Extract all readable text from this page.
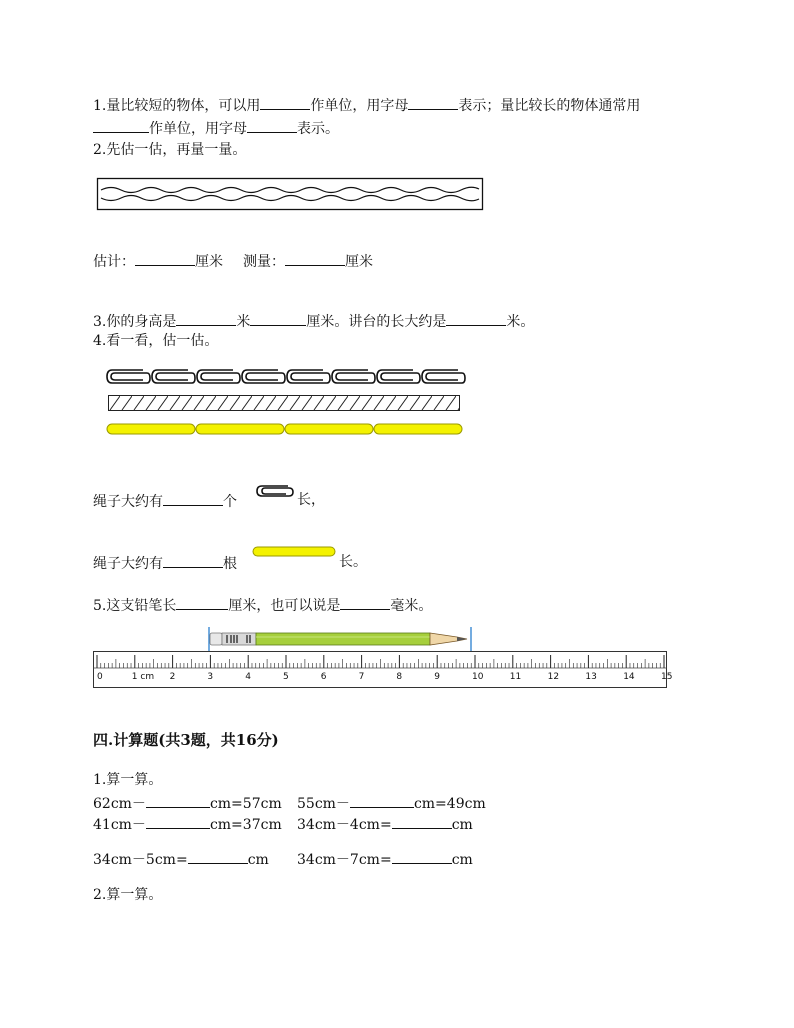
1.量比较短的物体，可以用	作单位，用字母	表示；量比较长的物体通常用
作单位，用字母	表示。
2.先估一估，再量一量。
估计：	厘米 测量：	厘米
3.你的身高是	米	厘米。讲台的长大约是	米。
4.看一看，估一估。
绳子大约有	个	长，
绳子大约有	根	长。
5.这支铅笔长	厘米，也可以说是	毫米。
0	1 cm 2	3	4	5	6	7	8	9	10	11	12	13	14	15
四.计算题(共3题，共16分)
1.算一算。
62cm－	cm=57cm 55cm－	cm=49cm
41cm－	cm=37cm 34cm－4cm=	cm
34cm－5cm=	cm 34cm－7cm=	cm
2.算一算。
